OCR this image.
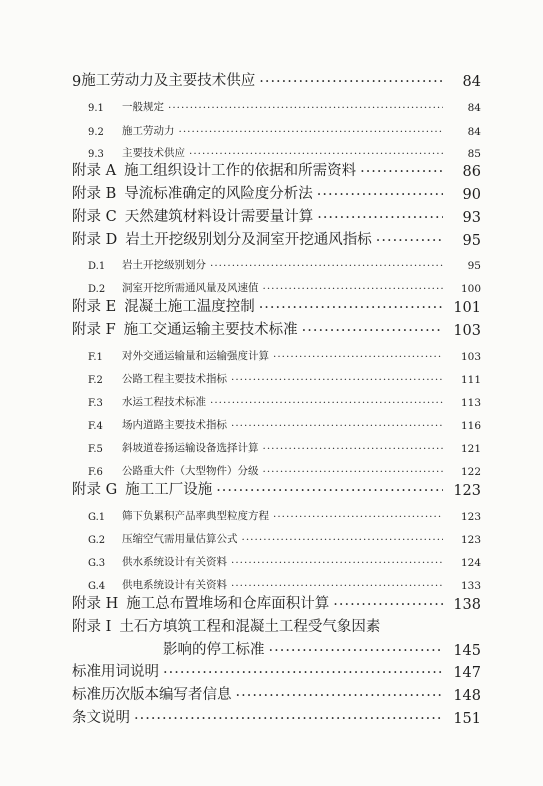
9 施工劳动力及主要技术供应 ·····	84
9.1	一般规定 ·····	84
9.2	施工劳动力 ·····	84
9.3	主要技术供应 ·····	85
附录 A 施工组织设计工作的依据和所需资料 ·····	86
附录 B 导流标准确定的风险度分析法 ·····	90
附录 C 天然建筑材料设计需要量计算 ·····	93
附录 D 岩土开挖级别划分及洞室开挖通风指标 ·····	95
D.1	岩土开挖级别划分 ·····	95
D.2	洞室开挖所需通风量及风速值 ·····	100
附录 E 混凝土施工温度控制 ·····	101
附录 F 施工交通运输主要技术标准 ·····	103
F.1	对外交通运输量和运输强度计算 ·····	103
F.2	公路工程主要技术指标 ·····	111
F.3	水运工程技术标准 ·····	113
F.4	场内道路主要技术指标 ·····	116
F.5	斜坡道卷扬运输设备选择计算 ·····	121
F.6	公路重大件（大型物件）分级 ·····	122
附录 G 施工工厂设施 ·····	123
G.1	筛下负累积产品率典型粒度方程 ·····	123
G.2	压缩空气需用量估算公式 ·····	123
G.3	供水系统设计有关资料 ·····	124
G.4	供电系统设计有关资料 ·····	133
附录 H 施工总布置堆场和仓库面积计算 ·····	138
附录 I 土石方填筑工程和混凝土工程受气象因素
影响的停工标准 ·····	145
标准用词说明 ·····	147
标准历次版本编写者信息 ·····	148
条文说明 ·····	151
